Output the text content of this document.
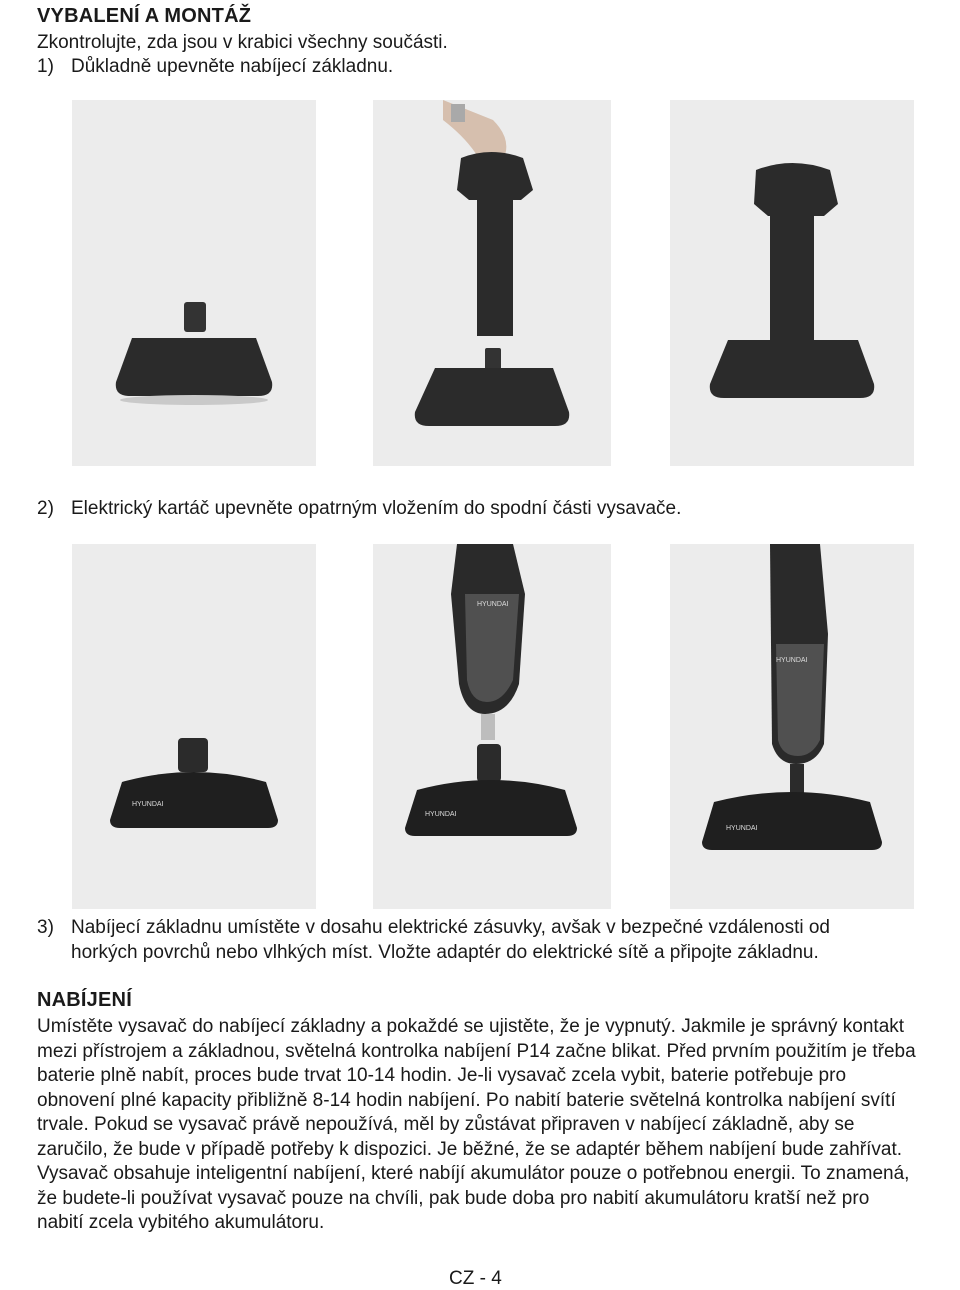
VYBALENÍ A MONTÁŽ
Zkontrolujte, zda jsou v krabici všechny součásti.
1) Důkladně upevněte nabíjecí základnu.
2) Elektrický kartáč upevněte opatrným vložením do spodní části vysavače.
HYUNDAI
HYUNDAI
HYUNDAI
HYUNDAI
HYUNDAI
3) Nabíjecí základnu umístěte v dosahu elektrické zásuvky, avšak v bezpečné vzdálenosti od
horkých povrchů nebo vlhkých míst. Vložte adaptér do elektrické sítě a připojte základnu.
NABÍJENÍ
Umístěte vysavač do nabíjecí základny a pokaždé se ujistěte, že je vypnutý. Jakmile je správný kontakt mezi přístrojem a základnou, světelná kontrolka nabíjení P14 začne blikat. Před prvním použitím je třeba baterie plně nabít, proces bude trvat 10-14 hodin. Je-li vysavač zcela vybit, baterie potřebuje pro obnovení plné kapacity přibližně 8-14 hodin nabíjení. Po nabití baterie světelná kontrolka nabíjení svítí trvale. Pokud se vysavač právě nepoužívá, měl by zůstávat připraven v nabíjecí základně, aby se zaručilo, že bude v případě potřeby k dispozici. Je běžné, že se adaptér během nabíjení bude zahřívat. Vysavač obsahuje inteligentní nabíjení, které nabíjí akumulátor pouze o potřebnou energii. To znamená, že budete-li používat vysavač pouze na chvíli, pak bude doba pro nabití akumulátoru kratší než pro nabití zcela vybitého akumulátoru.
CZ - 4
